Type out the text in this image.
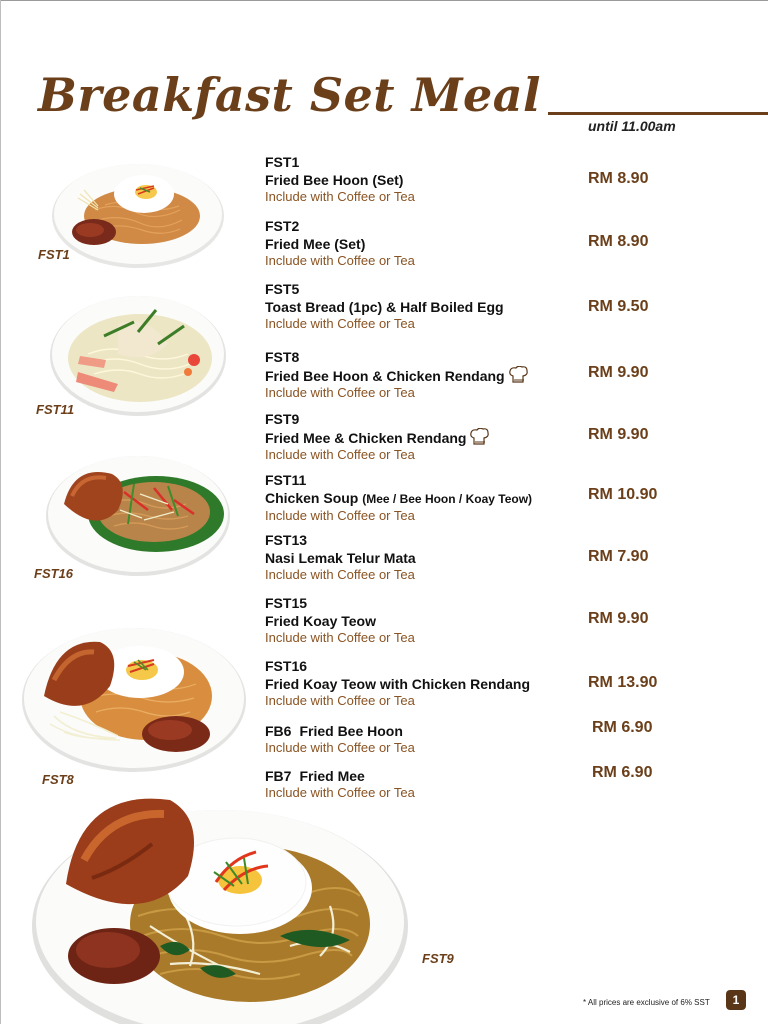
Breakfast Set Meal
until 11.00am
FST1
FST11
FST16
FST8
FST9
FST1
Fried Bee Hoon (Set)
Include with Coffee or Tea
RM 8.90
FST2
Fried Mee (Set)
Include with Coffee or Tea
RM 8.90
FST5
Toast Bread (1pc) & Half Boiled Egg
Include with Coffee or Tea
RM 9.50
FST8
Fried Bee Hoon & Chicken Rendang
Include with Coffee or Tea
RM 9.90
FST9
Fried Mee & Chicken Rendang
Include with Coffee or Tea
RM 9.90
FST11
Chicken Soup (Mee / Bee Hoon / Koay Teow)
Include with Coffee or Tea
RM 10.90
FST13
Nasi Lemak Telur Mata
Include with Coffee or Tea
RM 7.90
FST15
Fried Koay Teow
Include with Coffee or Tea
RM 9.90
FST16
Fried Koay Teow with Chicken Rendang
Include with Coffee or Tea
RM 13.90
FB6 Fried Bee Hoon
Include with Coffee or Tea
RM 6.90
FB7 Fried Mee
Include with Coffee or Tea
RM 6.90
* All prices are exclusive of 6% SST	1
